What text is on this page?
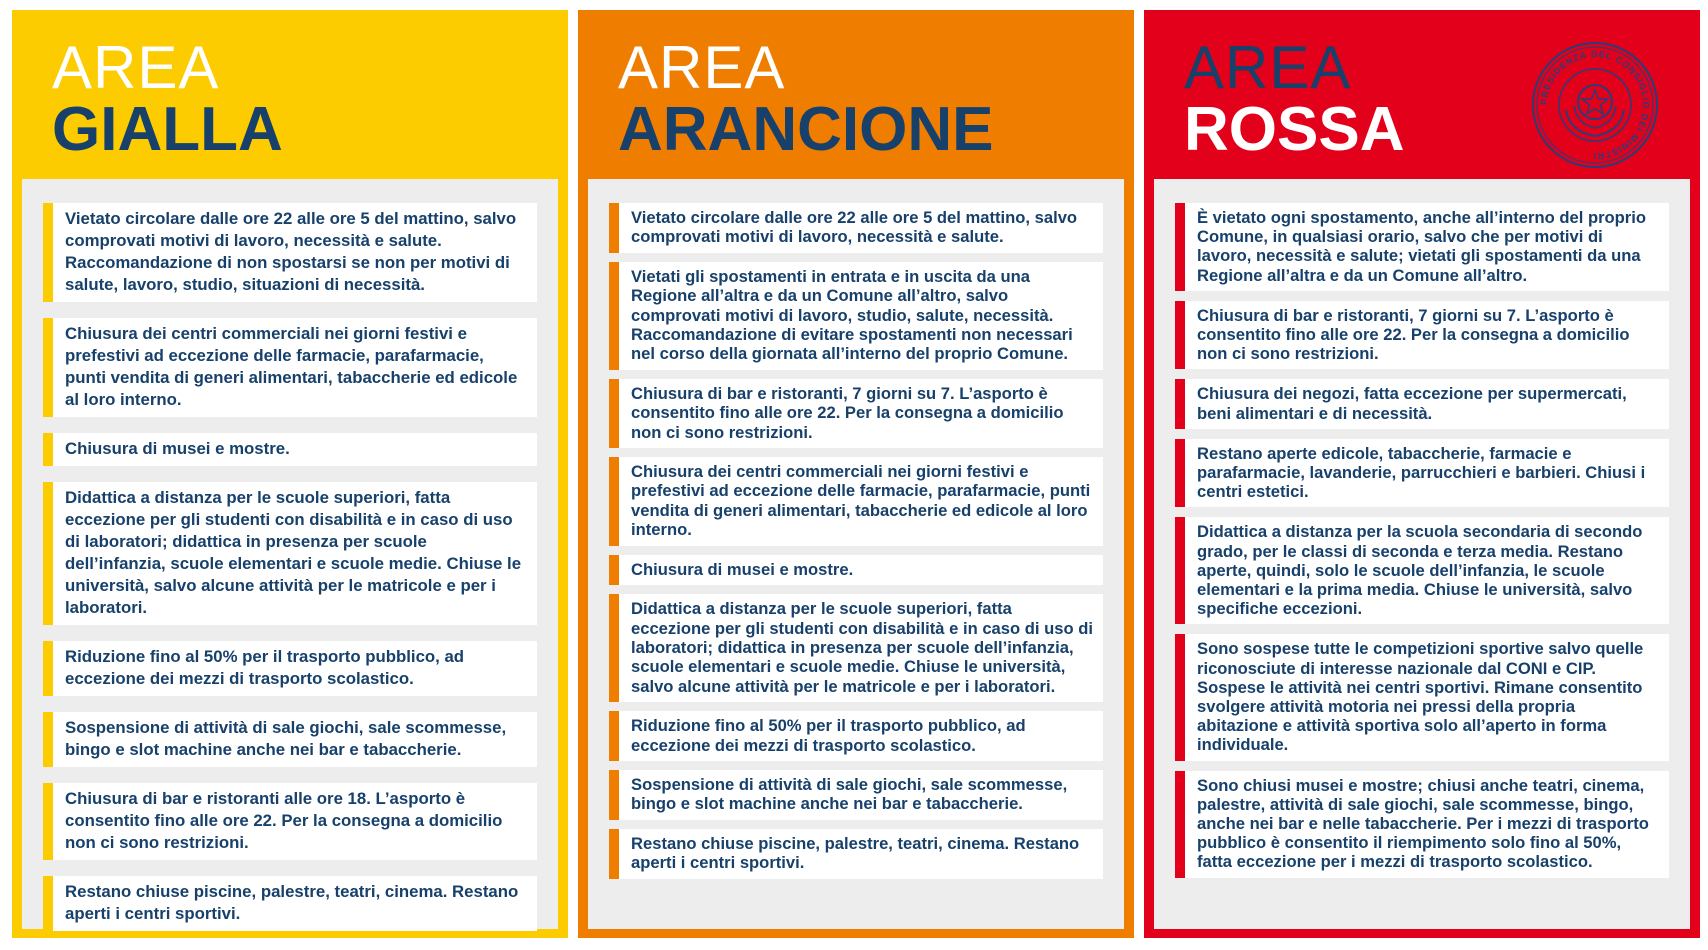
AREA
GIALLA
Vietato circolare dalle ore 22 alle ore 5 del mattino, salvo comprovati motivi di lavoro, necessità e salute. Raccomandazione di non spostarsi se non per motivi di salute, lavoro, studio, situazioni di necessità.
Chiusura dei centri commerciali nei giorni festivi e prefestivi ad eccezione delle farmacie, parafarmacie, punti vendita di generi alimentari, tabaccherie ed edicole al loro interno.
Chiusura di musei e mostre.
Didattica a distanza per le scuole superiori, fatta eccezione per gli studenti con disabilità e in caso di uso di laboratori; didattica in presenza per scuole dell’infanzia, scuole elementari e scuole medie. Chiuse le università, salvo alcune attività per le matricole e per i laboratori.
Riduzione fino al 50% per il trasporto pubblico, ad eccezione dei mezzi di trasporto scolastico.
Sospensione di attività di sale giochi, sale scommesse, bingo e slot machine anche nei bar e tabaccherie.
Chiusura di bar e ristoranti alle ore 18. L’asporto è consentito fino alle ore 22. Per la consegna a domicilio non ci sono restrizioni.
Restano chiuse piscine, palestre, teatri, cinema. Restano aperti i centri sportivi.
AREA
ARANCIONE
Vietato circolare dalle ore 22 alle ore 5 del mattino, salvo comprovati motivi di lavoro, necessità e salute.
Vietati gli spostamenti in entrata e in uscita da una Regione all’altra e da un Comune all’altro, salvo comprovati motivi di lavoro, studio, salute, necessità. Raccomandazione di evitare spostamenti non necessari nel corso della giornata all’interno del proprio Comune.
Chiusura di bar e ristoranti, 7 giorni su 7. L’asporto è consentito fino alle ore 22. Per la consegna a domicilio non ci sono restrizioni.
Chiusura dei centri commerciali nei giorni festivi e prefestivi ad eccezione delle farmacie, parafarmacie, punti vendita di generi alimentari, tabaccherie ed edicole al loro interno.
Chiusura di musei e mostre.
Didattica a distanza per le scuole superiori, fatta eccezione per gli studenti con disabilità e in caso di uso di laboratori; didattica in presenza per scuole dell’infanzia, scuole elementari e scuole medie. Chiuse le università, salvo alcune attività per le matricole e per i laboratori.
Riduzione fino al 50% per il trasporto pubblico, ad eccezione dei mezzi di trasporto scolastico.
Sospensione di attività di sale giochi, sale scommesse, bingo e slot machine anche nei bar e tabaccherie.
Restano chiuse piscine, palestre, teatri, cinema. Restano aperti i centri sportivi.
AREA
ROSSA	PRESIDENZA DEL CONSIGLIO DEI MINISTRI
È vietato ogni spostamento, anche all’interno del proprio Comune, in qualsiasi orario, salvo che per motivi di lavoro, necessità e salute; vietati gli spostamenti da una Regione all’altra e da un Comune all’altro.
Chiusura di bar e ristoranti, 7 giorni su 7. L’asporto è consentito fino alle ore 22. Per la consegna a domicilio non ci sono restrizioni.
Chiusura dei negozi, fatta eccezione per supermercati, beni alimentari e di necessità.
Restano aperte edicole, tabaccherie, farmacie e parafarmacie, lavanderie, parrucchieri e barbieri. Chiusi i centri estetici.
Didattica a distanza per la scuola secondaria di secondo grado, per le classi di seconda e terza media. Restano aperte, quindi, solo le scuole dell’infanzia, le scuole elementari e la prima media. Chiuse le università, salvo specifiche eccezioni.
Sono sospese tutte le competizioni sportive salvo quelle riconosciute di interesse nazionale dal CONI e CIP. Sospese le attività nei centri sportivi. Rimane consentito svolgere attività motoria nei pressi della propria abitazione e attività sportiva solo all’aperto in forma individuale.
Sono chiusi musei e mostre; chiusi anche teatri, cinema, palestre, attività di sale giochi, sale scommesse, bingo, anche nei bar e nelle tabaccherie. Per i mezzi di trasporto pubblico è consentito il riempimento solo fino al 50%, fatta eccezione per i mezzi di trasporto scolastico.
